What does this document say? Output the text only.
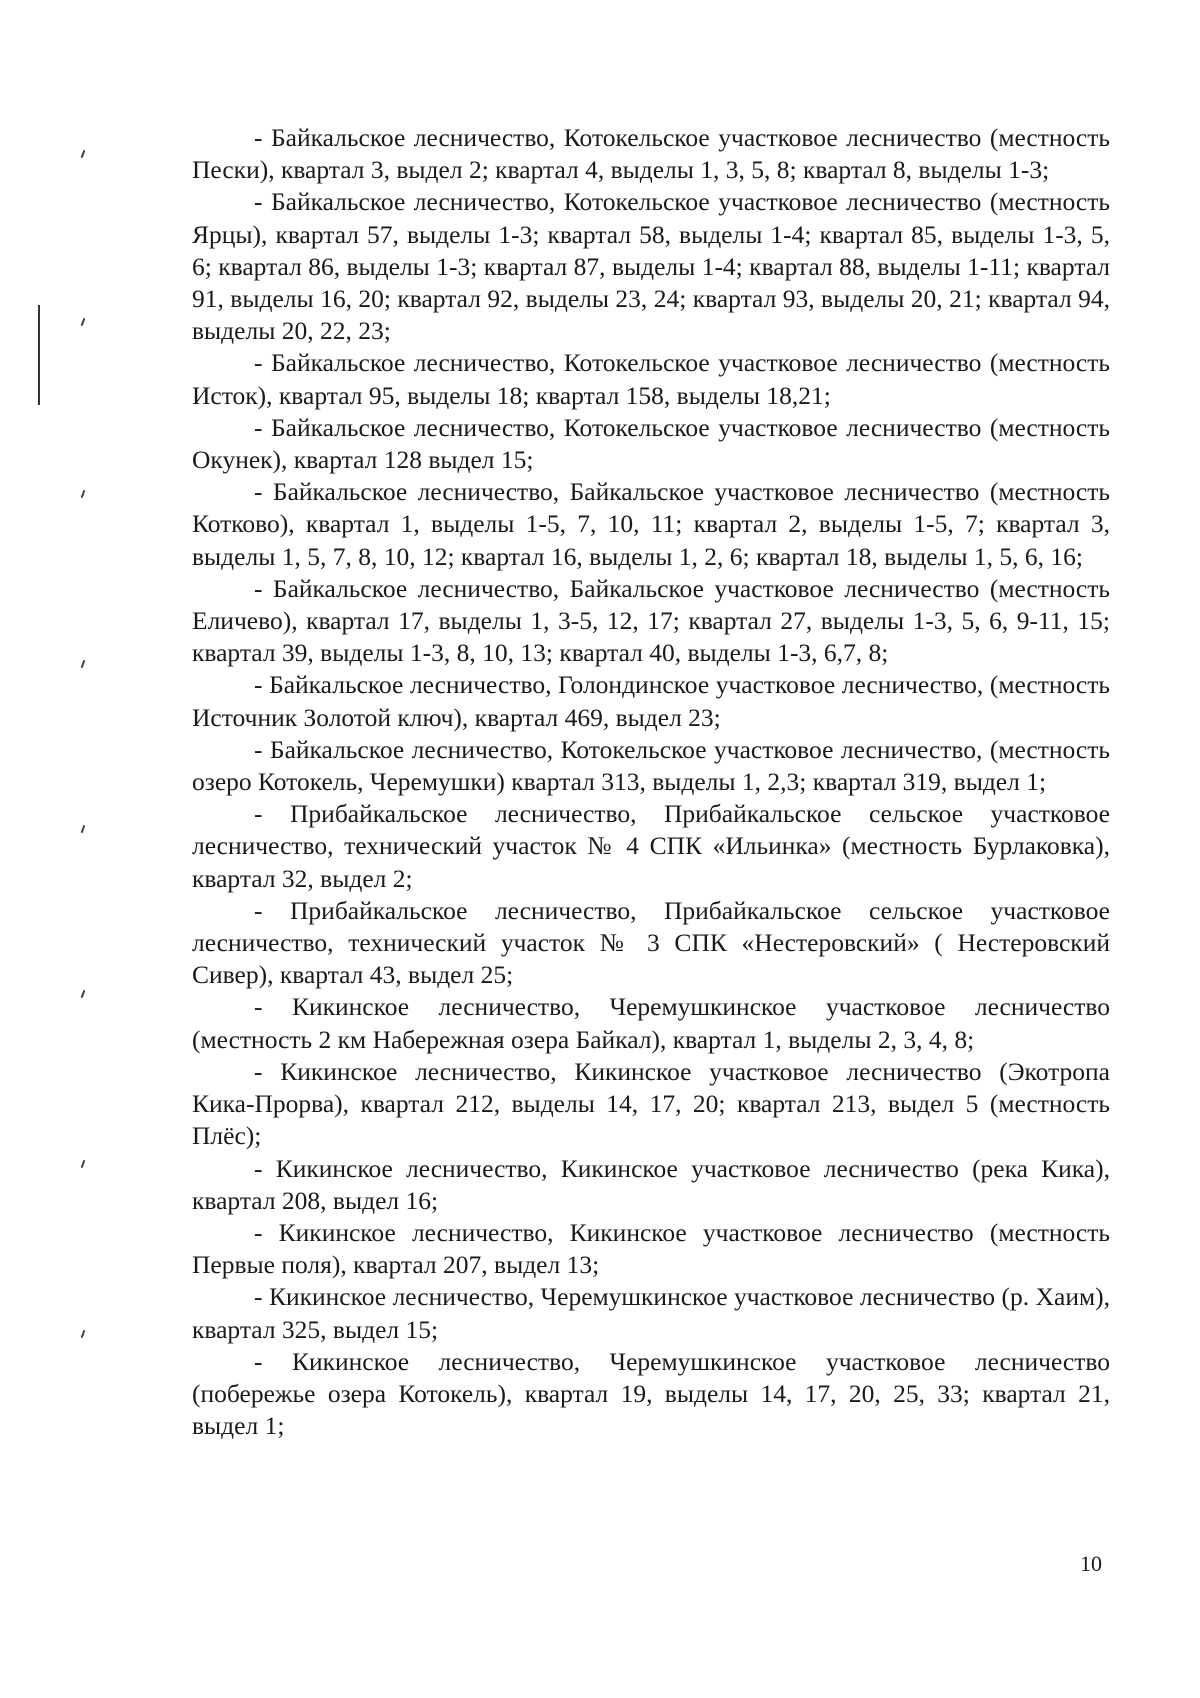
- Байкальское лесничество, Котокельское участковое лесничество (местность Пески), квартал 3, выдел 2; квартал 4, выделы 1, 3, 5, 8; квартал 8, выделы 1-3;

- Байкальское лесничество, Котокельское участковое лесничество (местность Ярцы), квартал 57, выделы 1-3; квартал 58, выделы 1-4; квартал 85, выделы 1-3, 5, 6; квартал 86, выделы 1-3; квартал 87, выделы 1-4; квартал 88, выделы 1-11; квартал 91, выделы 16, 20; квартал 92, выделы 23, 24; квартал 93, выделы 20, 21; квартал 94, выделы 20, 22, 23;

- Байкальское лесничество, Котокельское участковое лесничество (местность Исток), квартал 95, выделы 18; квартал 158, выделы 18,21;

- Байкальское лесничество, Котокельское участковое лесничество (местность Окунек), квартал 128 выдел 15;

- Байкальское лесничество, Байкальское участковое лесничество (местность Котково), квартал 1, выделы 1-5, 7, 10, 11; квартал 2, выделы 1-5, 7; квартал 3, выделы 1, 5, 7, 8, 10, 12; квартал 16, выделы 1, 2, 6; квартал 18, выделы 1, 5, 6, 16;

- Байкальское лесничество, Байкальское участковое лесничество (местность Еличево), квартал 17, выделы 1, 3-5, 12, 17; квартал 27, выделы 1-3, 5, 6, 9-11, 15; квартал 39, выделы 1-3, 8, 10, 13; квартал 40, выделы 1-3, 6,7, 8;

- Байкальское лесничество, Голондинское участковое лесничество, (местность Источник Золотой ключ), квартал 469, выдел 23;

- Байкальское лесничество, Котокельское участковое лесничество, (местность озеро Котокель, Черемушки) квартал 313, выделы 1, 2,3; квартал 319, выдел 1;

- Прибайкальское лесничество, Прибайкальское сельское участковое лесничество, технический участок № 4 СПК «Ильинка» (местность Бурлаковка), квартал 32, выдел 2;

- Прибайкальское лесничество, Прибайкальское сельское участковое лесничество, технический участок № 3 СПК «Нестеровский» ( Нестеровский Сивер), квартал 43, выдел 25;

- Кикинское лесничество, Черемушкинское участковое лесничество (местность 2 км Набережная озера Байкал), квартал 1, выделы 2, 3, 4, 8;

- Кикинское лесничество, Кикинское участковое лесничество (Экотропа Кика-Прорва), квартал 212, выделы 14, 17, 20; квартал 213, выдел 5 (местность Плёс);

- Кикинское лесничество, Кикинское участковое лесничество (река Кика), квартал 208, выдел 16;

- Кикинское лесничество, Кикинское участковое лесничество (местность Первые поля), квартал 207, выдел 13;

- Кикинское лесничество, Черемушкинское участковое лесничество (р. Хаим), квартал 325, выдел 15;

- Кикинское лесничество, Черемушкинское участковое лесничество (побережье озера Котокель), квартал 19, выделы 14, 17, 20, 25, 33; квартал 21, выдел 1;

10
